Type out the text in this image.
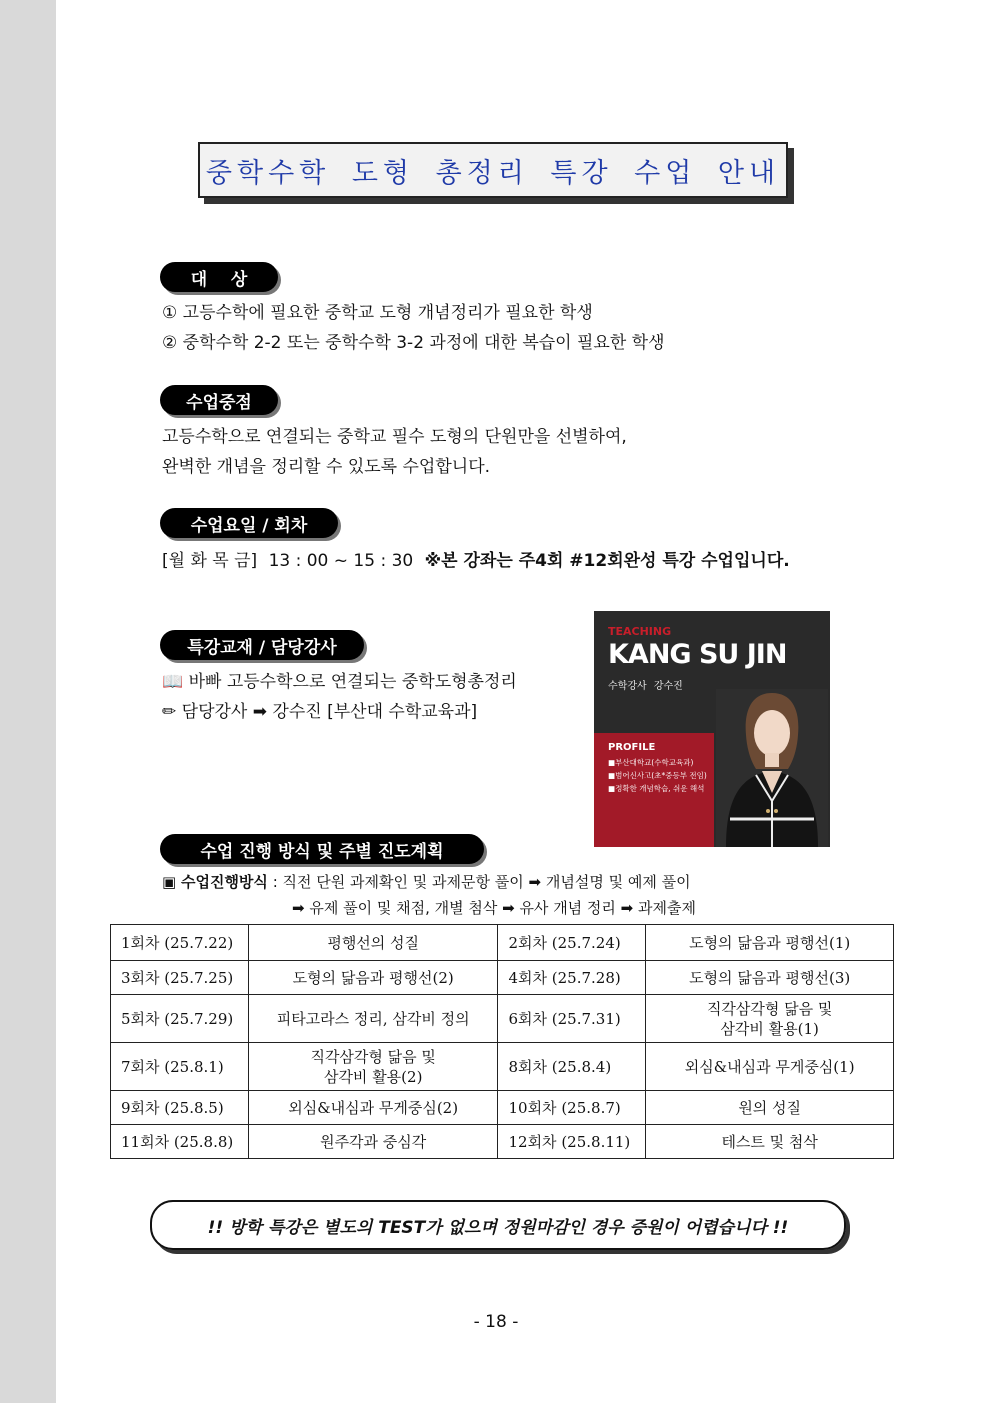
중학수학 도형 총정리 특강 수업 안내
대    상
① 고등수학에 필요한 중학교 도형 개념정리가 필요한 학생
② 중학수학 2-2 또는 중학수학 3-2 과정에 대한 복습이 필요한 학생
수업중점
고등수학으로 연결되는 중학교 필수 도형의 단원만을 선별하여,
완벽한 개념을 정리할 수 있도록 수업합니다.
수업요일 / 회차
[월 화 목 금] 13 : 00 ~ 15 : 30 ※본 강좌는 주4회 #12회완성 특강 수업입니다.
특강교재 / 담당강사
📖 바빠 고등수학으로 연결되는 중학도형총정리
✏ 담당강사 ➡ 강수진 [부산대 수학교육과]
TEACHING
KANG SU JIN
수학강사 강수진
PROFILE
■부산대학교(수학교육과)
■범어신사고(초*중등부 전임)
■정확한 개념학습, 쉬운 해석
수업 진행 방식 및 주별 진도계획
▣ 수업진행방식 : 직전 단원 과제확인 및 과제문항 풀이 ➡ 개념설명 및 예제 풀이
➡ 유제 풀이 및 채점, 개별 첨삭 ➡ 유사 개념 정리 ➡ 과제출제
1회차 (25.7.22)	평행선의 성질	2회차 (25.7.24)	도형의 닮음과 평행선(1)
3회차 (25.7.25)	도형의 닮음과 평행선(2)	4회차 (25.7.28)	도형의 닮음과 평행선(3)
5회차 (25.7.29)	피타고라스 정리, 삼각비 정의	6회차 (25.7.31)	직각삼각형 닮음 및
삼각비 활용(1)
7회차 (25.8.1)	직각삼각형 닮음 및
삼각비 활용(2)	8회차 (25.8.4)	외심&내심과 무게중심(1)
9회차 (25.8.5)	외심&내심과 무게중심(2)	10회차 (25.8.7)	원의 성질
11회차 (25.8.8)	원주각과 중심각	12회차 (25.8.11)	테스트 및 첨삭
!! 방학 특강은 별도의 TEST가 없으며 정원마감인 경우 증원이 어렵습니다 !!
- 18 -
